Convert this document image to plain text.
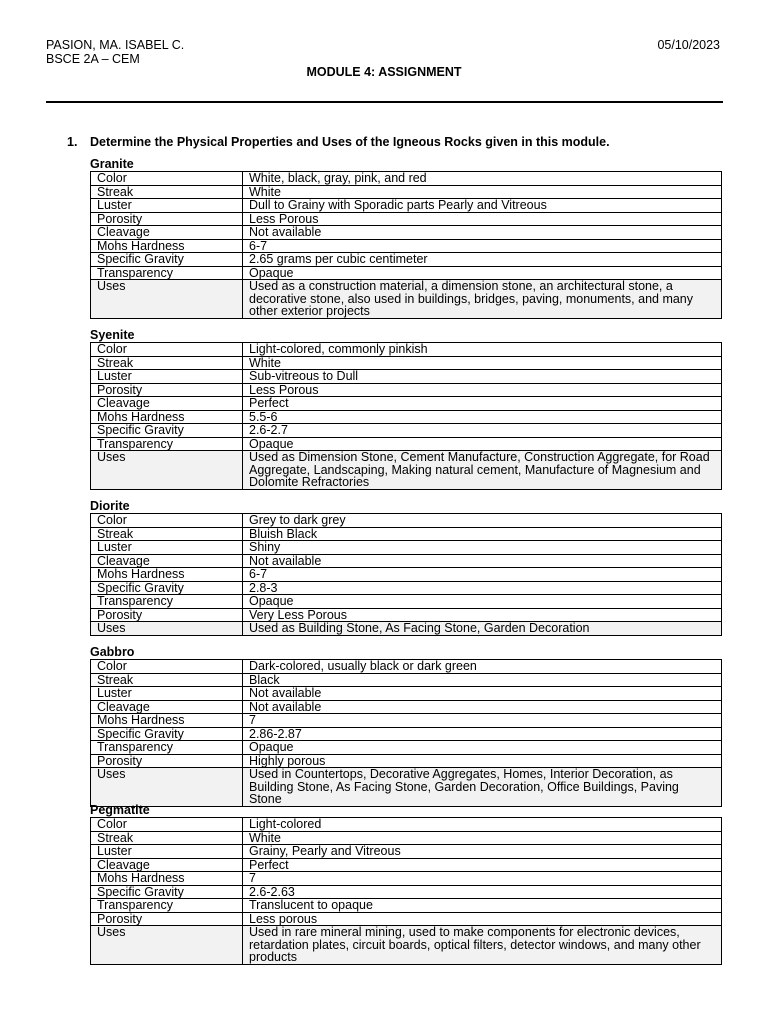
PASION, MA. ISABEL C.
BSCE 2A – CEM
05/10/2023
MODULE 4: ASSIGNMENT
1. Determine the Physical Properties and Uses of the Igneous Rocks given in this module.
Granite
Color	White, black, gray, pink, and red
Streak	White
Luster	Dull to Grainy with Sporadic parts Pearly and Vitreous
Porosity	Less Porous
Cleavage	Not available
Mohs Hardness	6-7
Specific Gravity	2.65 grams per cubic centimeter
Transparency	Opaque
Uses	Used as a construction material, a dimension stone, an architectural stone, a decorative stone, also used in buildings, bridges, paving, monuments, and many other exterior projects
Syenite
Color	Light-colored, commonly pinkish
Streak	White
Luster	Sub-vitreous to Dull
Porosity	Less Porous
Cleavage	Perfect
Mohs Hardness	5.5-6
Specific Gravity	2.6-2.7
Transparency	Opaque
Uses	Used as Dimension Stone, Cement Manufacture, Construction Aggregate, for Road Aggregate, Landscaping, Making natural cement, Manufacture of Magnesium and Dolomite Refractories
Diorite
Color	Grey to dark grey
Streak	Bluish Black
Luster	Shiny
Cleavage	Not available
Mohs Hardness	6-7
Specific Gravity	2.8-3
Transparency	Opaque
Porosity	Very Less Porous
Uses	Used as Building Stone, As Facing Stone, Garden Decoration
Gabbro
Color	Dark-colored, usually black or dark green
Streak	Black
Luster	Not available
Cleavage	Not available
Mohs Hardness	7
Specific Gravity	2.86-2.87
Transparency	Opaque
Porosity	Highly porous
Uses	Used in Countertops, Decorative Aggregates, Homes, Interior Decoration, as Building Stone, As Facing Stone, Garden Decoration, Office Buildings, Paving Stone
Pegmatite
Color	Light-colored
Streak	White
Luster	Grainy, Pearly and Vitreous
Cleavage	Perfect
Mohs Hardness	7
Specific Gravity	2.6-2.63
Transparency	Translucent to opaque
Porosity	Less porous
Uses	Used in rare mineral mining, used to make components for electronic devices, retardation plates, circuit boards, optical filters, detector windows, and many other products
